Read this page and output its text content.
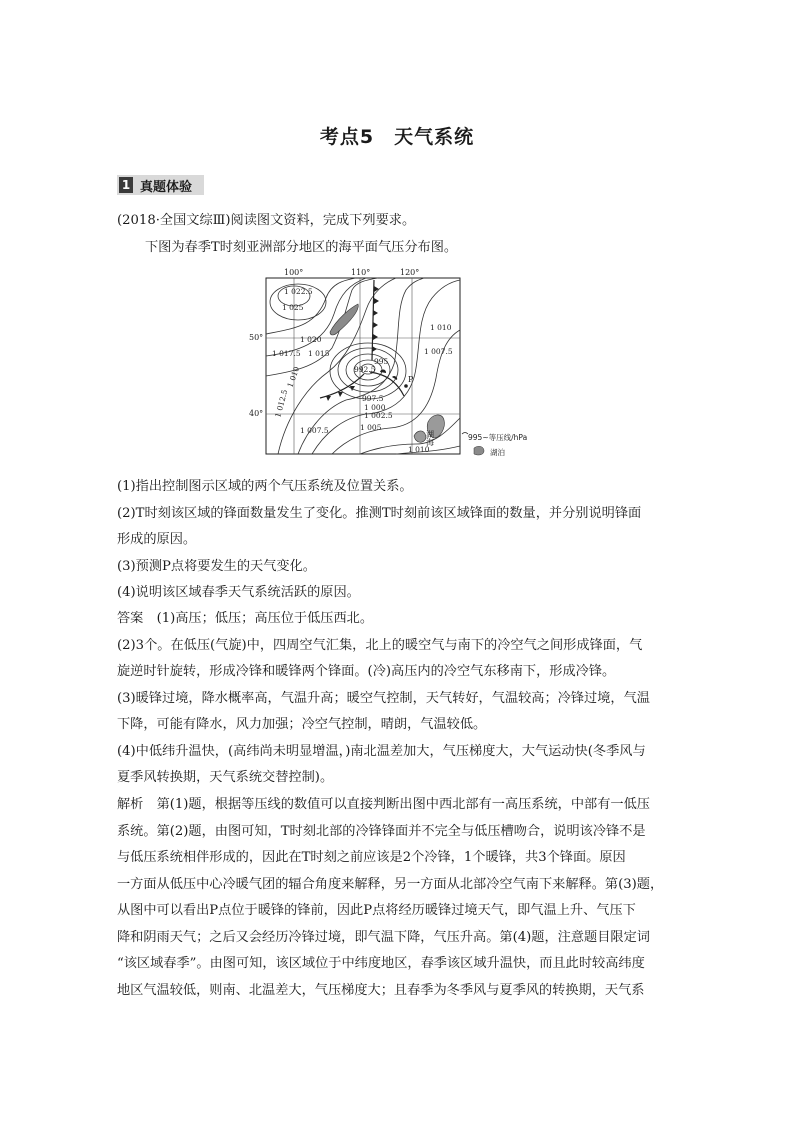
考点5　天气系统
1 真题体验
(2018·全国文综Ⅲ)阅读图文资料，完成下列要求。
下图为春季T时刻亚洲部分地区的海平面气压分布图。
100°	110°	120°
50°
40°
1 022.5
1 025
1 020
1 017.5 1 015
1 010
1 012.5
1 007.5	1 005
1 002.5
1 000
997.5
995
992.5
1 010
1 007.5
1 010
P
湖海	995~等压线/hPa
湖泊
(1)指出控制图示区域的两个气压系统及位置关系。
(2)T时刻该区域的锋面数量发生了变化。推测T时刻前该区域锋面的数量，并分别说明锋面
形成的原因。
(3)预测P点将要发生的天气变化。
(4)说明该区域春季天气系统活跃的原因。
答案　 (1)高压；低压；高压位于低压西北。
(2)3个。在低压(气旋)中，四周空气汇集，北上的暖空气与南下的冷空气之间形成锋面，气
旋逆时针旋转，形成冷锋和暖锋两个锋面。(冷)高压内的冷空气东移南下，形成冷锋。
(3)暖锋过境，降水概率高，气温升高；暖空气控制，天气转好，气温较高；冷锋过境，气温
下降，可能有降水，风力加强；冷空气控制，晴朗，气温较低。
(4)中低纬升温快，(高纬尚未明显增温，)南北温差加大，气压梯度大，大气运动快(冬季风与
夏季风转换期，天气系统交替控制)。
解析　 第(1)题，根据等压线的数值可以直接判断出图中西北部有一高压系统，中部有一低压
系统。第(2)题，由图可知，T时刻北部的冷锋锋面并不完全与低压槽吻合，说明该冷锋不是
与低压系统相伴形成的，因此在T时刻之前应该是2个冷锋，1个暖锋，共3个锋面。原因
一方面从低压中心冷暖气团的辐合角度来解释，另一方面从北部冷空气南下来解释。第(3)题，
从图中可以看出P点位于暖锋的锋前，因此P点将经历暖锋过境天气，即气温上升、气压下
降和阴雨天气；之后又会经历冷锋过境，即气温下降，气压升高。第(4)题，注意题目限定词
“该区域春季”。由图可知，该区域位于中纬度地区，春季该区域升温快，而且此时较高纬度
地区气温较低，则南、北温差大，气压梯度大；且春季为冬季风与夏季风的转换期，天气系
